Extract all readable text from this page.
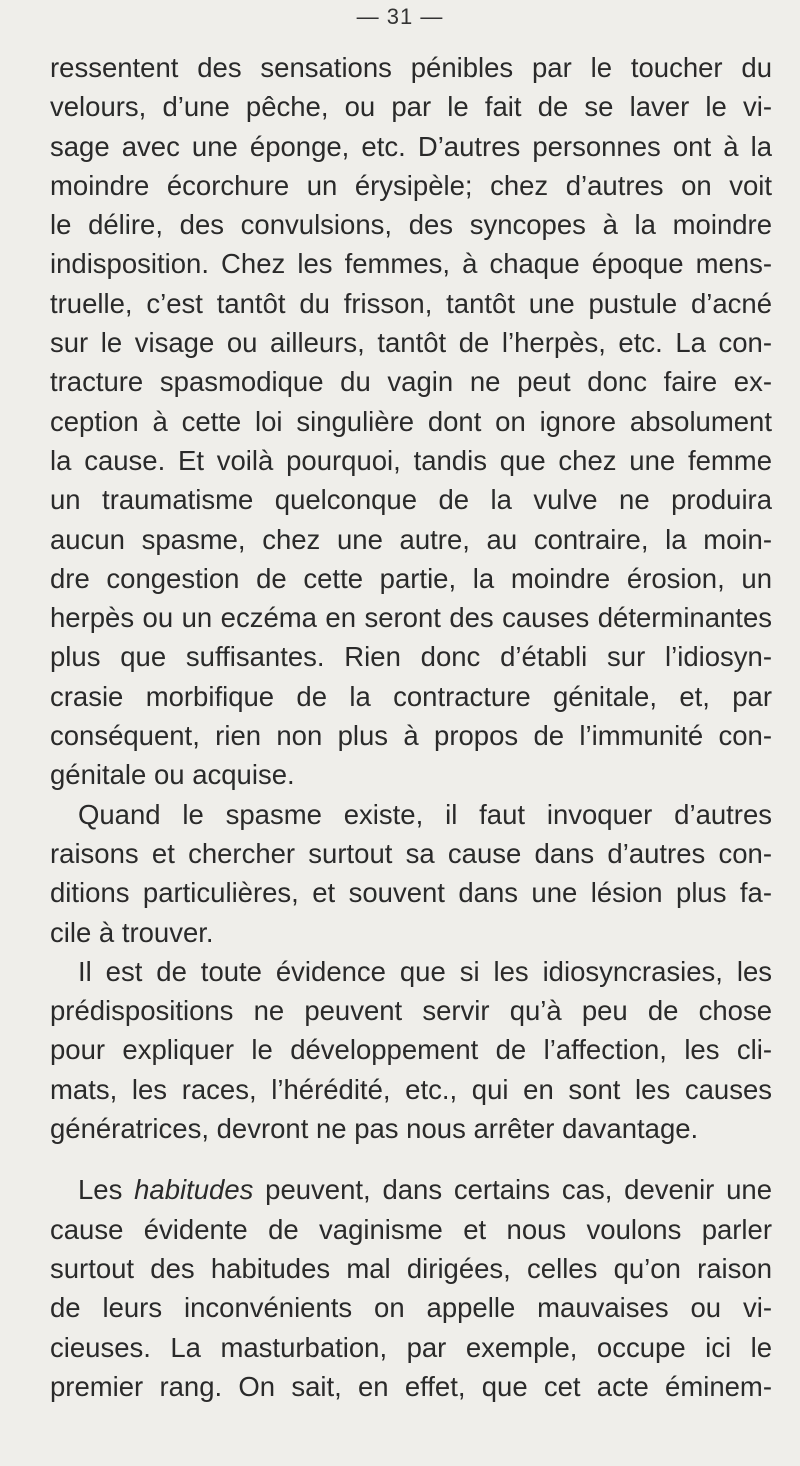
— 31 —
ressentent des sensations pénibles par le toucher du
velours, d’une pêche, ou par le fait de se laver le vi-
sage avec une éponge, etc. D’autres personnes ont à la
moindre écorchure un érysipèle; chez d’autres on voit
le délire, des convulsions, des syncopes à la moindre
indisposition. Chez les femmes, à chaque époque mens-
truelle, c’est tantôt du frisson, tantôt une pustule d’acné
sur le visage ou ailleurs, tantôt de l’herpès, etc. La con-
tracture spasmodique du vagin ne peut donc faire ex-
ception à cette loi singulière dont on ignore absolument
la cause. Et voilà pourquoi, tandis que chez une femme
un traumatisme quelconque de la vulve ne produira
aucun spasme, chez une autre, au contraire, la moin-
dre congestion de cette partie, la moindre érosion, un
herpès ou un eczéma en seront des causes déterminantes
plus que suffisantes. Rien donc d’établi sur l’idiosyn-
crasie morbifique de la contracture génitale, et, par
conséquent, rien non plus à propos de l’immunité con-
génitale ou acquise.
Quand le spasme existe, il faut invoquer d’autres
raisons et chercher surtout sa cause dans d’autres con-
ditions particulières, et souvent dans une lésion plus fa-
cile à trouver.
Il est de toute évidence que si les idiosyncrasies, les
prédispositions ne peuvent servir qu’à peu de chose
pour expliquer le développement de l’affection, les cli-
mats, les races, l’hérédité, etc., qui en sont les causes
génératrices, devront ne pas nous arrêter davantage.
Les habitudes peuvent, dans certains cas, devenir une
cause évidente de vaginisme et nous voulons parler
surtout des habitudes mal dirigées, celles qu’on raison
de leurs inconvénients on appelle mauvaises ou vi-
cieuses. La masturbation, par exemple, occupe ici le
premier rang. On sait, en effet, que cet acte éminem-
